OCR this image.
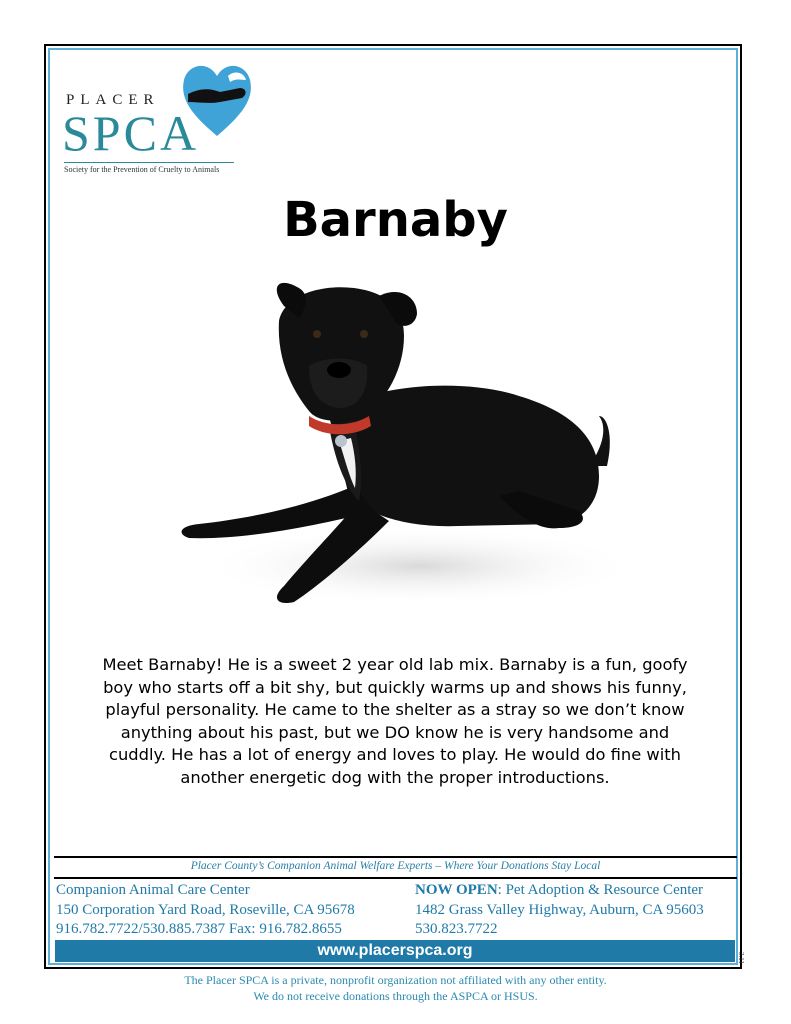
PLACER
SPCA
Society for the Prevention of Cruelty to Animals
Barnaby
Meet Barnaby! He is a sweet 2 year old lab mix. Barnaby is a fun, goofy
boy who starts off a bit shy, but quickly warms up and shows his funny,
playful personality. He came to the shelter as a stray so we don’t know
anything about his past, but we DO know he is very handsome and
cuddly. He has a lot of energy and loves to play. He would do fine with
another energetic dog with the proper introductions.
Placer County’s Companion Animal Welfare Experts – Where Your Donations Stay Local
Companion Animal Care Center
150 Corporation Yard Road, Roseville, CA 95678
916.782.7722/530.885.7387 Fax: 916.782.8655
NOW OPEN: Pet Adoption & Resource Center
1482 Grass Valley Highway, Auburn, CA 95603
530.823.7722
www.placerspca.org	3.11
The Placer SPCA is a private, nonprofit organization not affiliated with any other entity.
We do not receive donations through the ASPCA or HSUS.
